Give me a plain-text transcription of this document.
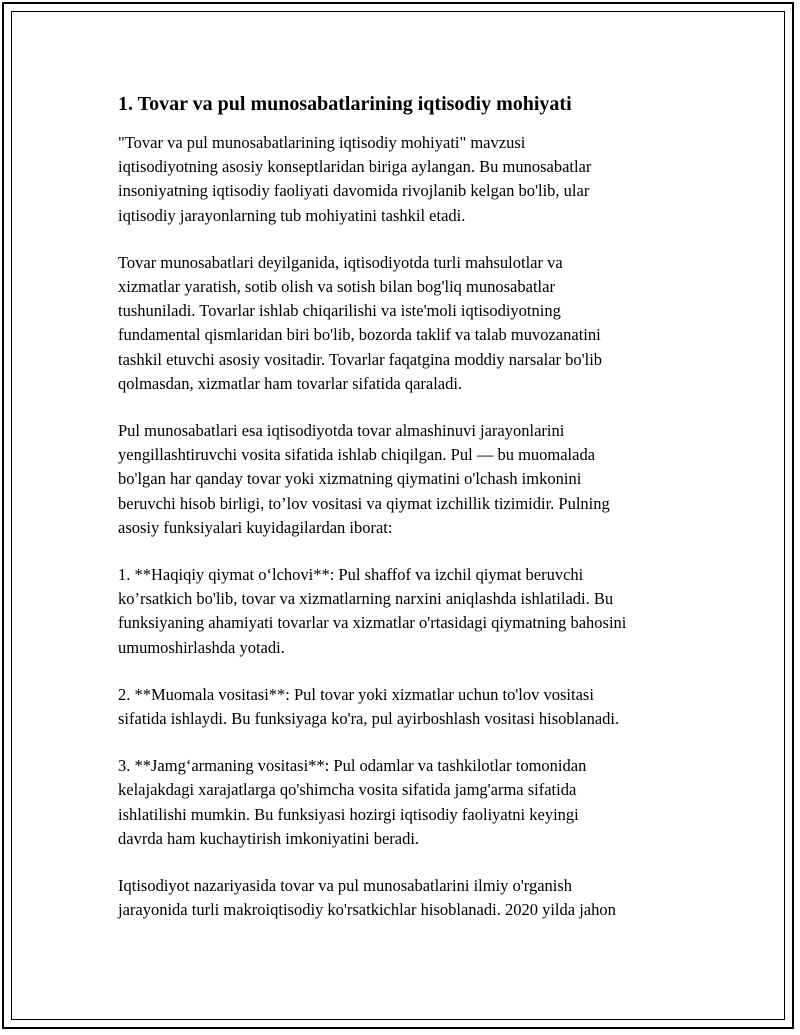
1. Tovar va pul munosabatlarining iqtisodiy mohiyati

"Tovar va pul munosabatlarining iqtisodiy mohiyati" mavzusi
iqtisodiyotning asosiy konseptlaridan biriga aylangan. Bu munosabatlar
insoniyatning iqtisodiy faoliyati davomida rivojlanib kelgan bo'lib, ular
iqtisodiy jarayonlarning tub mohiyatini tashkil etadi.

Tovar munosabatlari deyilganida, iqtisodiyotda turli mahsulotlar va
xizmatlar yaratish, sotib olish va sotish bilan bog'liq munosabatlar
tushuniladi. Tovarlar ishlab chiqarilishi va iste'moli iqtisodiyotning
fundamental qismlaridan biri bo'lib, bozorda taklif va talab muvozanatini
tashkil etuvchi asosiy vositadir. Tovarlar faqatgina moddiy narsalar bo'lib
qolmasdan, xizmatlar ham tovarlar sifatida qaraladi.

Pul munosabatlari esa iqtisodiyotda tovar almashinuvi jarayonlarini
yengillashtiruvchi vosita sifatida ishlab chiqilgan. Pul — bu muomalada
bo'lgan har qanday tovar yoki xizmatning qiymatini o'lchash imkonini
beruvchi hisob birligi, to’lov vositasi va qiymat izchillik tizimidir. Pulning
asosiy funksiyalari kuyidagilardan iborat:

1. **Haqiqiy qiymat o‘lchovi**: Pul shaffof va izchil qiymat beruvchi
ko’rsatkich bo'lib, tovar va xizmatlarning narxini aniqlashda ishlatiladi. Bu
funksiyaning ahamiyati tovarlar va xizmatlar o'rtasidagi qiymatning bahosini
umumoshirlashda yotadi.

2. **Muomala vositasi**: Pul tovar yoki xizmatlar uchun to'lov vositasi
sifatida ishlaydi. Bu funksiyaga ko'ra, pul ayirboshlash vositasi hisoblanadi.

3. **Jamg‘armaning vositasi**: Pul odamlar va tashkilotlar tomonidan
kelajakdagi xarajatlarga qo'shimcha vosita sifatida jamg'arma sifatida
ishlatilishi mumkin. Bu funksiyasi hozirgi iqtisodiy faoliyatni keyingi
davrda ham kuchaytirish imkoniyatini beradi.

Iqtisodiyot nazariyasida tovar va pul munosabatlarini ilmiy o'rganish
jarayonida turli makroiqtisodiy ko'rsatkichlar hisoblanadi. 2020 yilda jahon
